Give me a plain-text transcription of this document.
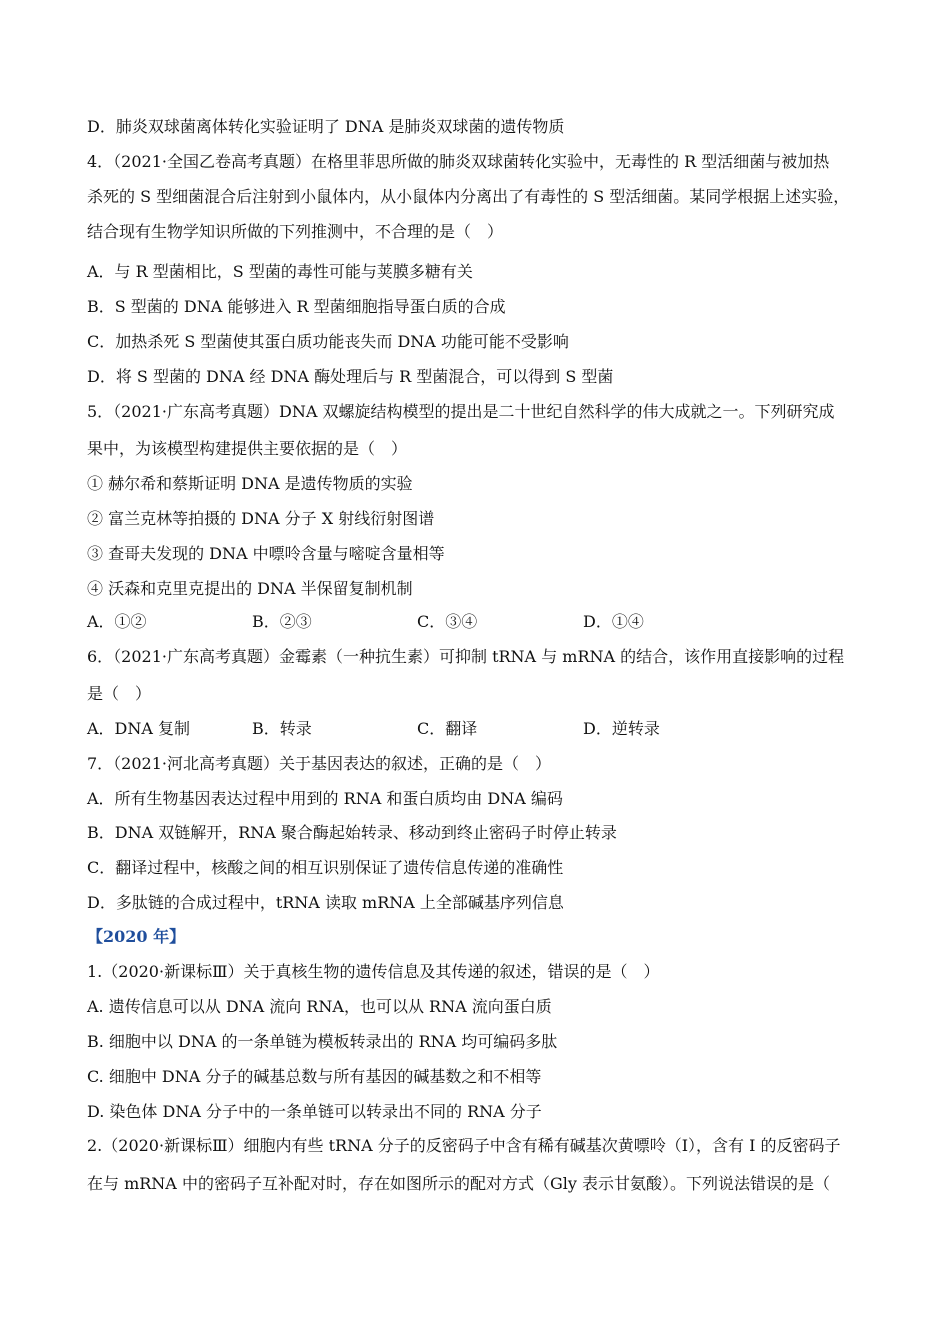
D．肺炎双球菌离体转化实验证明了 DNA 是肺炎双球菌的遗传物质

4．（2021·全国乙卷高考真题）在格里菲思所做的肺炎双球菌转化实验中，无毒性的 R 型活细菌与被加热

杀死的 S 型细菌混合后注射到小鼠体内，从小鼠体内分离出了有毒性的 S 型活细菌。某同学根据上述实验，

结合现有生物学知识所做的下列推测中，不合理的是（　）

A．与 R 型菌相比，S 型菌的毒性可能与荚膜多糖有关

B．S 型菌的 DNA 能够进入 R 型菌细胞指导蛋白质的合成

C．加热杀死 S 型菌使其蛋白质功能丧失而 DNA 功能可能不受影响

D．将 S 型菌的 DNA 经 DNA 酶处理后与 R 型菌混合，可以得到 S 型菌

5．（2021·广东高考真题）DNA 双螺旋结构模型的提出是二十世纪自然科学的伟大成就之一。下列研究成

果中，为该模型构建提供主要依据的是（　）

① 赫尔希和蔡斯证明 DNA 是遗传物质的实验

② 富兰克林等拍摄的 DNA 分子 X 射线衍射图谱

③ 查哥夫发现的 DNA 中嘌呤含量与嘧啶含量相等

④ 沃森和克里克提出的 DNA 半保留复制机制

A．①②	B．②③	C．③④	D．①④

6．（2021·广东高考真题）金霉素（一种抗生素）可抑制 tRNA 与 mRNA 的结合，该作用直接影响的过程

是（　）

A．DNA 复制	B．转录	C．翻译	D．逆转录

7．（2021·河北高考真题）关于基因表达的叙述，正确的是（　）

A．所有生物基因表达过程中用到的 RNA 和蛋白质均由 DNA 编码

B．DNA 双链解开，RNA 聚合酶起始转录、移动到终止密码子时停止转录

C．翻译过程中，核酸之间的相互识别保证了遗传信息传递的准确性

D．多肽链的合成过程中，tRNA 读取 mRNA 上全部碱基序列信息

【2020 年】

1.（2020·新课标Ⅲ）关于真核生物的遗传信息及其传递的叙述，错误的是（　）

A. 遗传信息可以从 DNA 流向 RNA，也可以从 RNA 流向蛋白质

B. 细胞中以 DNA 的一条单链为模板转录出的 RNA 均可编码多肽

C. 细胞中 DNA 分子的碱基总数与所有基因的碱基数之和不相等

D. 染色体 DNA 分子中的一条单链可以转录出不同的 RNA 分子

2.（2020·新课标Ⅲ）细胞内有些 tRNA 分子的反密码子中含有稀有碱基次黄嘌呤（I），含有 I 的反密码子

在与 mRNA 中的密码子互补配对时，存在如图所示的配对方式（Gly 表示甘氨酸）。下列说法错误的是（
